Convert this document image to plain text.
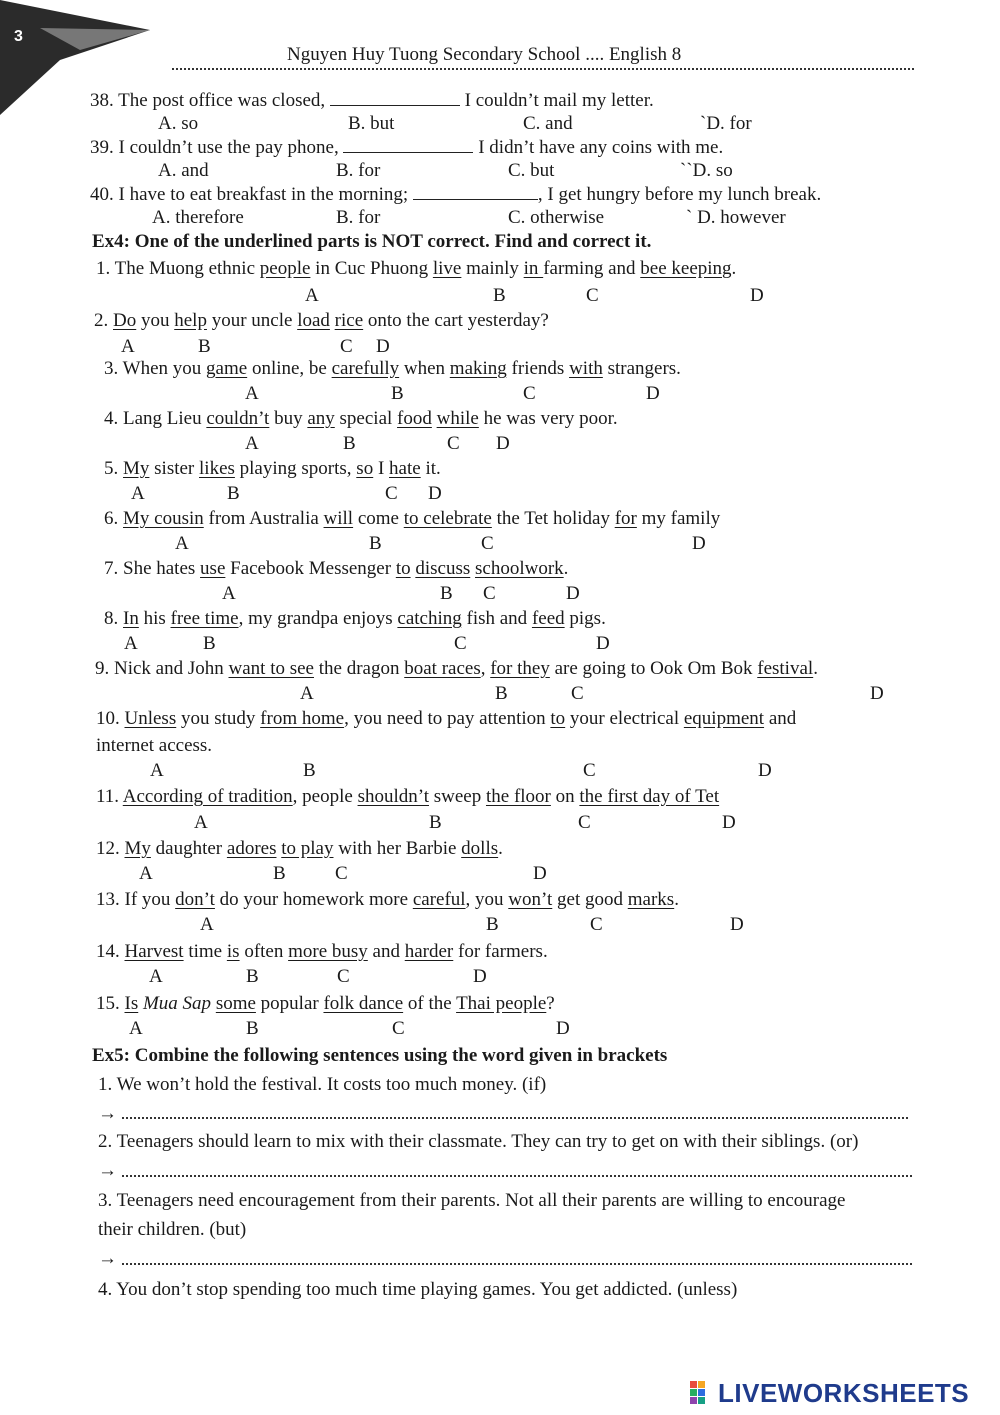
3
Nguyen Huy Tuong Secondary School .... English 8
38. The post office was closed,	I couldn’t mail my letter.
A. so	B. but	C. and	`D. for
39. I couldn’t use the pay phone,	I didn’t have any coins with me.
A. and	B. for	C. but	``D. so
40. I have to eat breakfast in the morning;	, I get hungry before my lunch break.
A. therefore	B. for	C. otherwise	` D. however
Ex4: One of the underlined parts is NOT correct. Find and correct it.
1. The Muong ethnic people in Cuc Phuong live mainly in farming and bee keeping.
A	B	C	D
2. Do you help your uncle load rice onto the cart yesterday?
A	B	C D
3. When you game online, be carefully when making friends with strangers.
A	B	C	D
4. Lang Lieu couldn’t buy any special food while he was very poor.
A	B	C D
5. My sister likes playing sports, so I hate it.
A	B	C D
6. My cousin from Australia will come to celebrate the Tet holiday for my family
A	B	C	D
7. She hates use Facebook Messenger to discuss schoolwork.
A	B C	D
8. In his free time, my grandpa enjoys catching fish and feed pigs.
A	B	C	D
9. Nick and John want to see the dragon boat races, for they are going to Ook Om Bok festival.
A	B	C	D
10. Unless you study from home, you need to pay attention to your electrical equipment and
internet access.
A	B	C	D
11. According of tradition, people shouldn’t sweep the floor on the first day of Tet
A	B	C	D
12. My daughter adores to play with her Barbie dolls.
A	B	C	D
13. If you don’t do your homework more careful, you won’t get good marks.
A	B	C	D
14. Harvest time is often more busy and harder for farmers.
A	B	C	D
15. Is Mua Sap some popular folk dance of the Thai people?
A	B	C	D
Ex5: Combine the following sentences using the word given in brackets
1. We won’t hold the festival. It costs too much money. (if)
→
2. Teenagers should learn to mix with their classmate. They can try to get on with their siblings. (or)
→
3. Teenagers need encouragement from their parents. Not all their parents are willing to encourage
their children. (but)
→
4. You don’t stop spending too much time playing games. You get addicted. (unless)
LIVEWORKSHEETS
